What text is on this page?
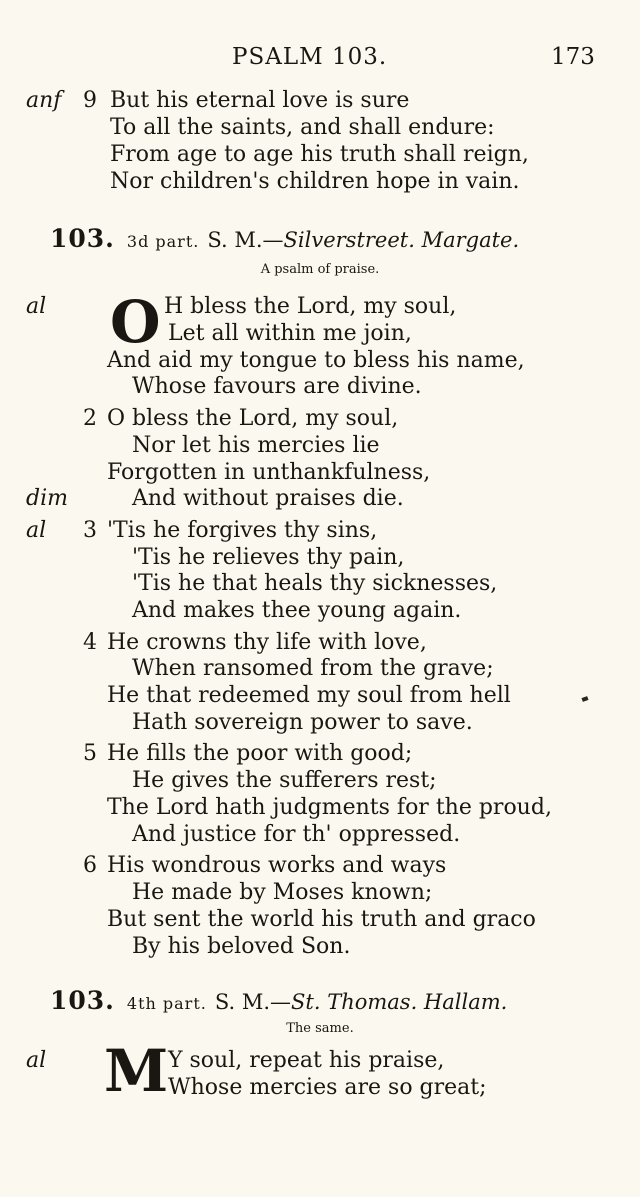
PSALM 103.	173
anf 9 But his eternal love is sure
To all the saints, and shall endure:
From age to age his truth shall reign,
Nor children's children hope in vain.
103. 3d part. S. M.—Silverstreet. Margate.
A psalm of praise.
al O H bless the Lord, my soul,
Let all within me join,
And aid my tongue to bless his name,
Whose favours are divine.
2 O bless the Lord, my soul,
Nor let his mercies lie
Forgotten in unthankfulness,
dim	And without praises die.
al 3 'Tis he forgives thy sins,
'Tis he relieves thy pain,
'Tis he that heals thy sicknesses,
And makes thee young again.
4 He crowns thy life with love,
When ransomed from the grave;
He that redeemed my soul from hell
Hath sovereign power to save.
5 He fills the poor with good;
He gives the sufferers rest;
The Lord hath judgments for the proud,
And justice for th' oppressed.
6 His wondrous works and ways
He made by Moses known;
But sent the world his truth and graco
By his beloved Son.
103. 4th part. S. M.—St. Thomas. Hallam.
The same.
al M Y soul, repeat his praise,
Whose mercies are so great;
